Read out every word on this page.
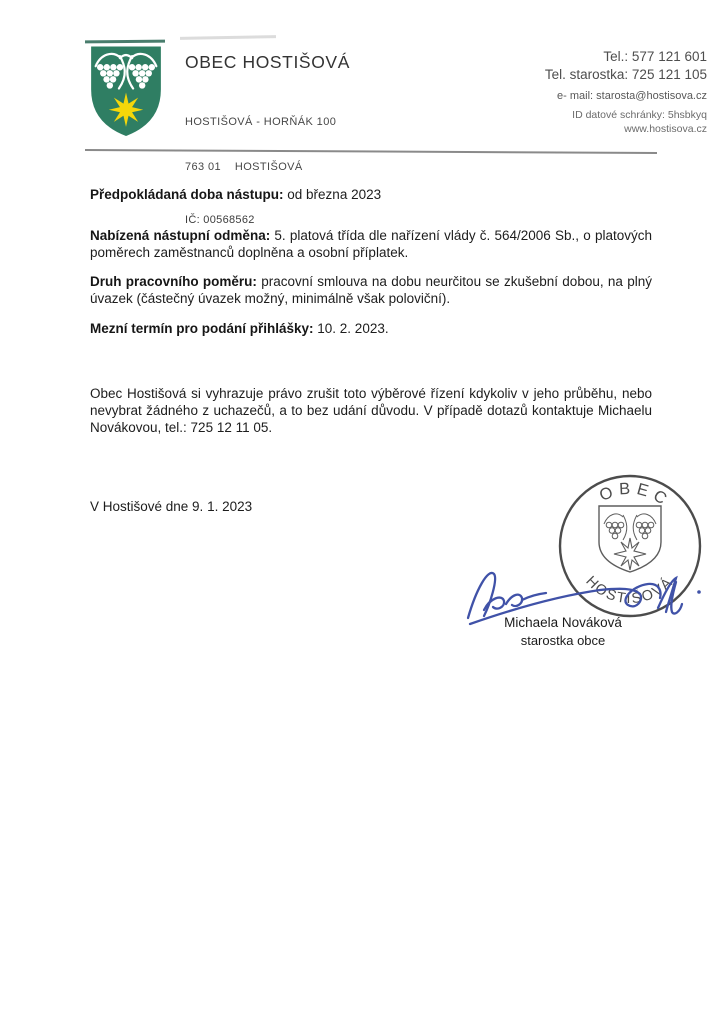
OBEC HOSTIŠOVÁ

HOSTIŠOVÁ - HORŇÁK 100

763 01    HOSTIŠOVÁ

IČ: 00568562
Tel.: 577 121 601
Tel. starostka: 725 121 105
e- mail: starosta@hostisova.cz
ID datové schránky: 5hsbkyq
www.hostisova.cz

Předpokládaná doba nástupu: od března 2023

Nabízená nástupní odměna: 5. platová třída dle nařízení vlády č. 564/2006 Sb., o platových poměrech zaměstnanců doplněna a osobní příplatek.

Druh pracovního poměru: pracovní smlouva na dobu neurčitou se zkušební dobou, na plný úvazek (částečný úvazek možný, minimálně však poloviční).

Mezní termín pro podání přihlášky: 10. 2. 2023.

Obec Hostišová si vyhrazuje právo zrušit toto výběrové řízení kdykoliv v jeho průběhu, nebo nevybrat žádného z uchazečů, a to bez udání důvodu. V případě dotazů kontaktuje Michaelu Novákovou, tel.: 725 12 11 05.

V Hostišové dne 9. 1. 2023
OBEC
HOSTIŠOVÁ
Michaela Nováková
starostka obce
